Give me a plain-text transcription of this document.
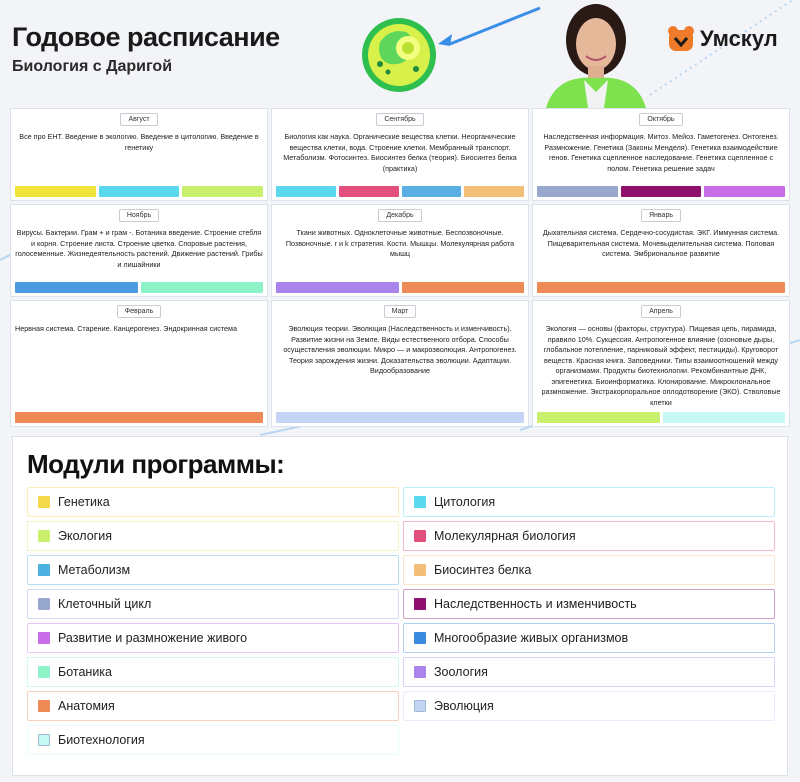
Годовое расписание
Биология с Даригой
Умскул
Август
Все про ЕНТ. Введение в экологию. Введение в цитологию. Введение в генетику
Сентябрь
Биология как наука. Органические вещества клетки. Неорганические вещества клетки, вода. Строение клетки. Мембранный транспорт. Метаболизм. Фотосинтез. Биосинтез белка (теория). Биосинтез белка (практика)
Октябрь
Наследственная информация. Митоз. Мейоз. Гаметогенез. Онтогенез. Размножение. Генетика (Законы Менделя). Генетика взаимодействие генов. Генетика сцепленное наследование. Генетика сцепленное с полом. Генетика решение задач
Ноябрь
Вирусы. Бактерии. Грам + и грам -. Ботаника введение. Строение стебля и корня. Строение листа. Строение цветка. Споровые растения, голосеменные. Жизнедеятельность растений. Движение растений. Грибы и лишайники
Декабрь
Ткани животных. Одноклеточные животные. Беспозвоночные. Позвоночные. r и k стратегия. Кости. Мышцы. Молекулярная работа мышц
Январь
Дыхательная система. Сердечно-сосудистая. ЭКГ. Иммунная система. Пищеварительная система. Мочевыделительная система. Половая система. Эмбриональное развитие
Февраль
Нервная система. Старение. Канцерогенез. Эндокринная система
Март
Эволюция теории. Эволюция (Наследственность и изменчивость). Развитие жизни на Земле. Виды естественного отбора. Способы осуществления эволюции. Микро — и макроэволюция. Антропогенез. Теория зарождения жизни. Доказательства эволюции. Адаптации. Видообразование
Апрель
Экология — основы (факторы, структура). Пищевая цепь, пирамида, правило 10%. Сукцессия. Антропогенное влияние (озоновые дыры, глобальное потепление, парниковый эффект, пестициды). Круговорот веществ. Красная книга. Заповедники. Типы взаимоотношений между организмами. Продукты биотехнологии. Рекомбинантные ДНК, эпигенетика. Биоинформатика. Клонирование. Микроклональное размножение. Экстракорпоральное оплодотворение (ЭКО). Стволовые клетки
Модули программы:
Генетика	Цитология
Экология	Молекулярная биология
Метаболизм	Биосинтез белка
Клеточный цикл	Наследственность и изменчивость
Развитие и размножение живого	Многообразие живых организмов
Ботаника	Зоология
Анатомия	Эволюция
Биотехнология
